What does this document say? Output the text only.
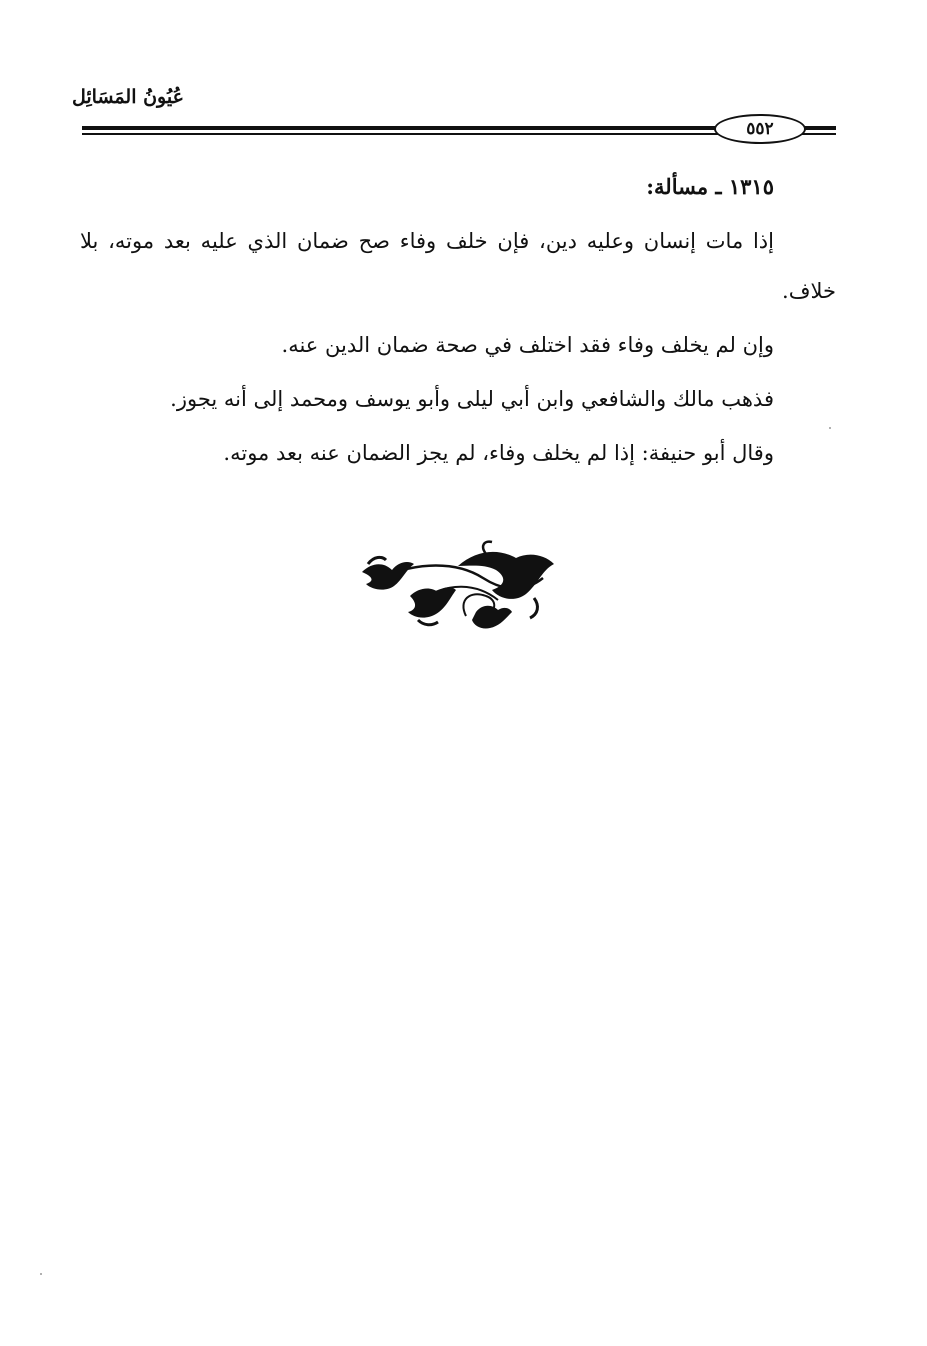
عُيُونُ المَسَائِل
٥٥٢

١٣١٥ ـ مسألة:

إذا مات إنسان وعليه دين، فإن خلف وفاء صح ضمان الذي عليه بعد موته، بلا خلاف.

وإن لم يخلف وفاء فقد اختلف في صحة ضمان الدين عنه.

فذهب مالك والشافعي وابن أبي ليلى وأبو يوسف ومحمد إلى أنه يجوز.

وقال أبو حنيفة: إذا لم يخلف وفاء، لم يجز الضمان عنه بعد موته.
